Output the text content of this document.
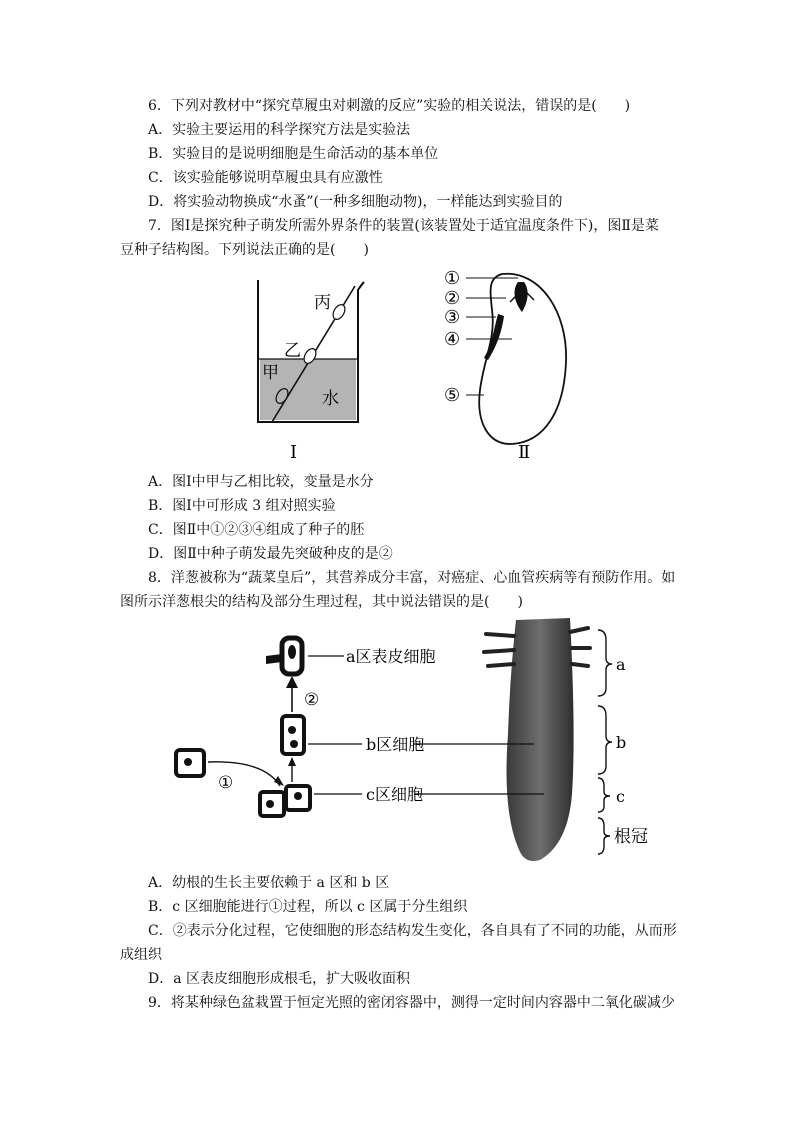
6．下列对教材中“探究草履虫对刺激的反应”实验的相关说法，错误的是(　　)
A．实验主要运用的科学探究方法是实验法
B．实验目的是说明细胞是生命活动的基本单位
C．该实验能够说明草履虫具有应激性
D．将实验动物换成“水蚤”(一种多细胞动物)，一样能达到实验目的
7．图Ⅰ是探究种子萌发所需外界条件的装置(该装置处于适宜温度条件下)，图Ⅱ是菜
豆种子结构图。下列说法正确的是(　　)
丙
乙
甲
水
Ⅰ
①
②
③
④
⑤
Ⅱ
A．图Ⅰ中甲与乙相比较，变量是水分
B．图Ⅰ中可形成 3 组对照实验
C．图Ⅱ中①②③④组成了种子的胚
D．图Ⅱ中种子萌发最先突破种皮的是②
8．洋葱被称为“蔬菜皇后”，其营养成分丰富，对癌症、心血管疾病等有预防作用。如
图所示洋葱根尖的结构及部分生理过程，其中说法错误的是(　　)
a区表皮细胞
②
b区细胞
①
c区细胞
a
b
c
根冠
A．幼根的生长主要依赖于 a 区和 b 区
B．c 区细胞能进行①过程，所以 c 区属于分生组织
C．②表示分化过程，它使细胞的形态结构发生变化，各自具有了不同的功能，从而形
成组织
D．a 区表皮细胞形成根毛，扩大吸收面积
9．将某种绿色盆栽置于恒定光照的密闭容器中，测得一定时间内容器中二氧化碳减少
